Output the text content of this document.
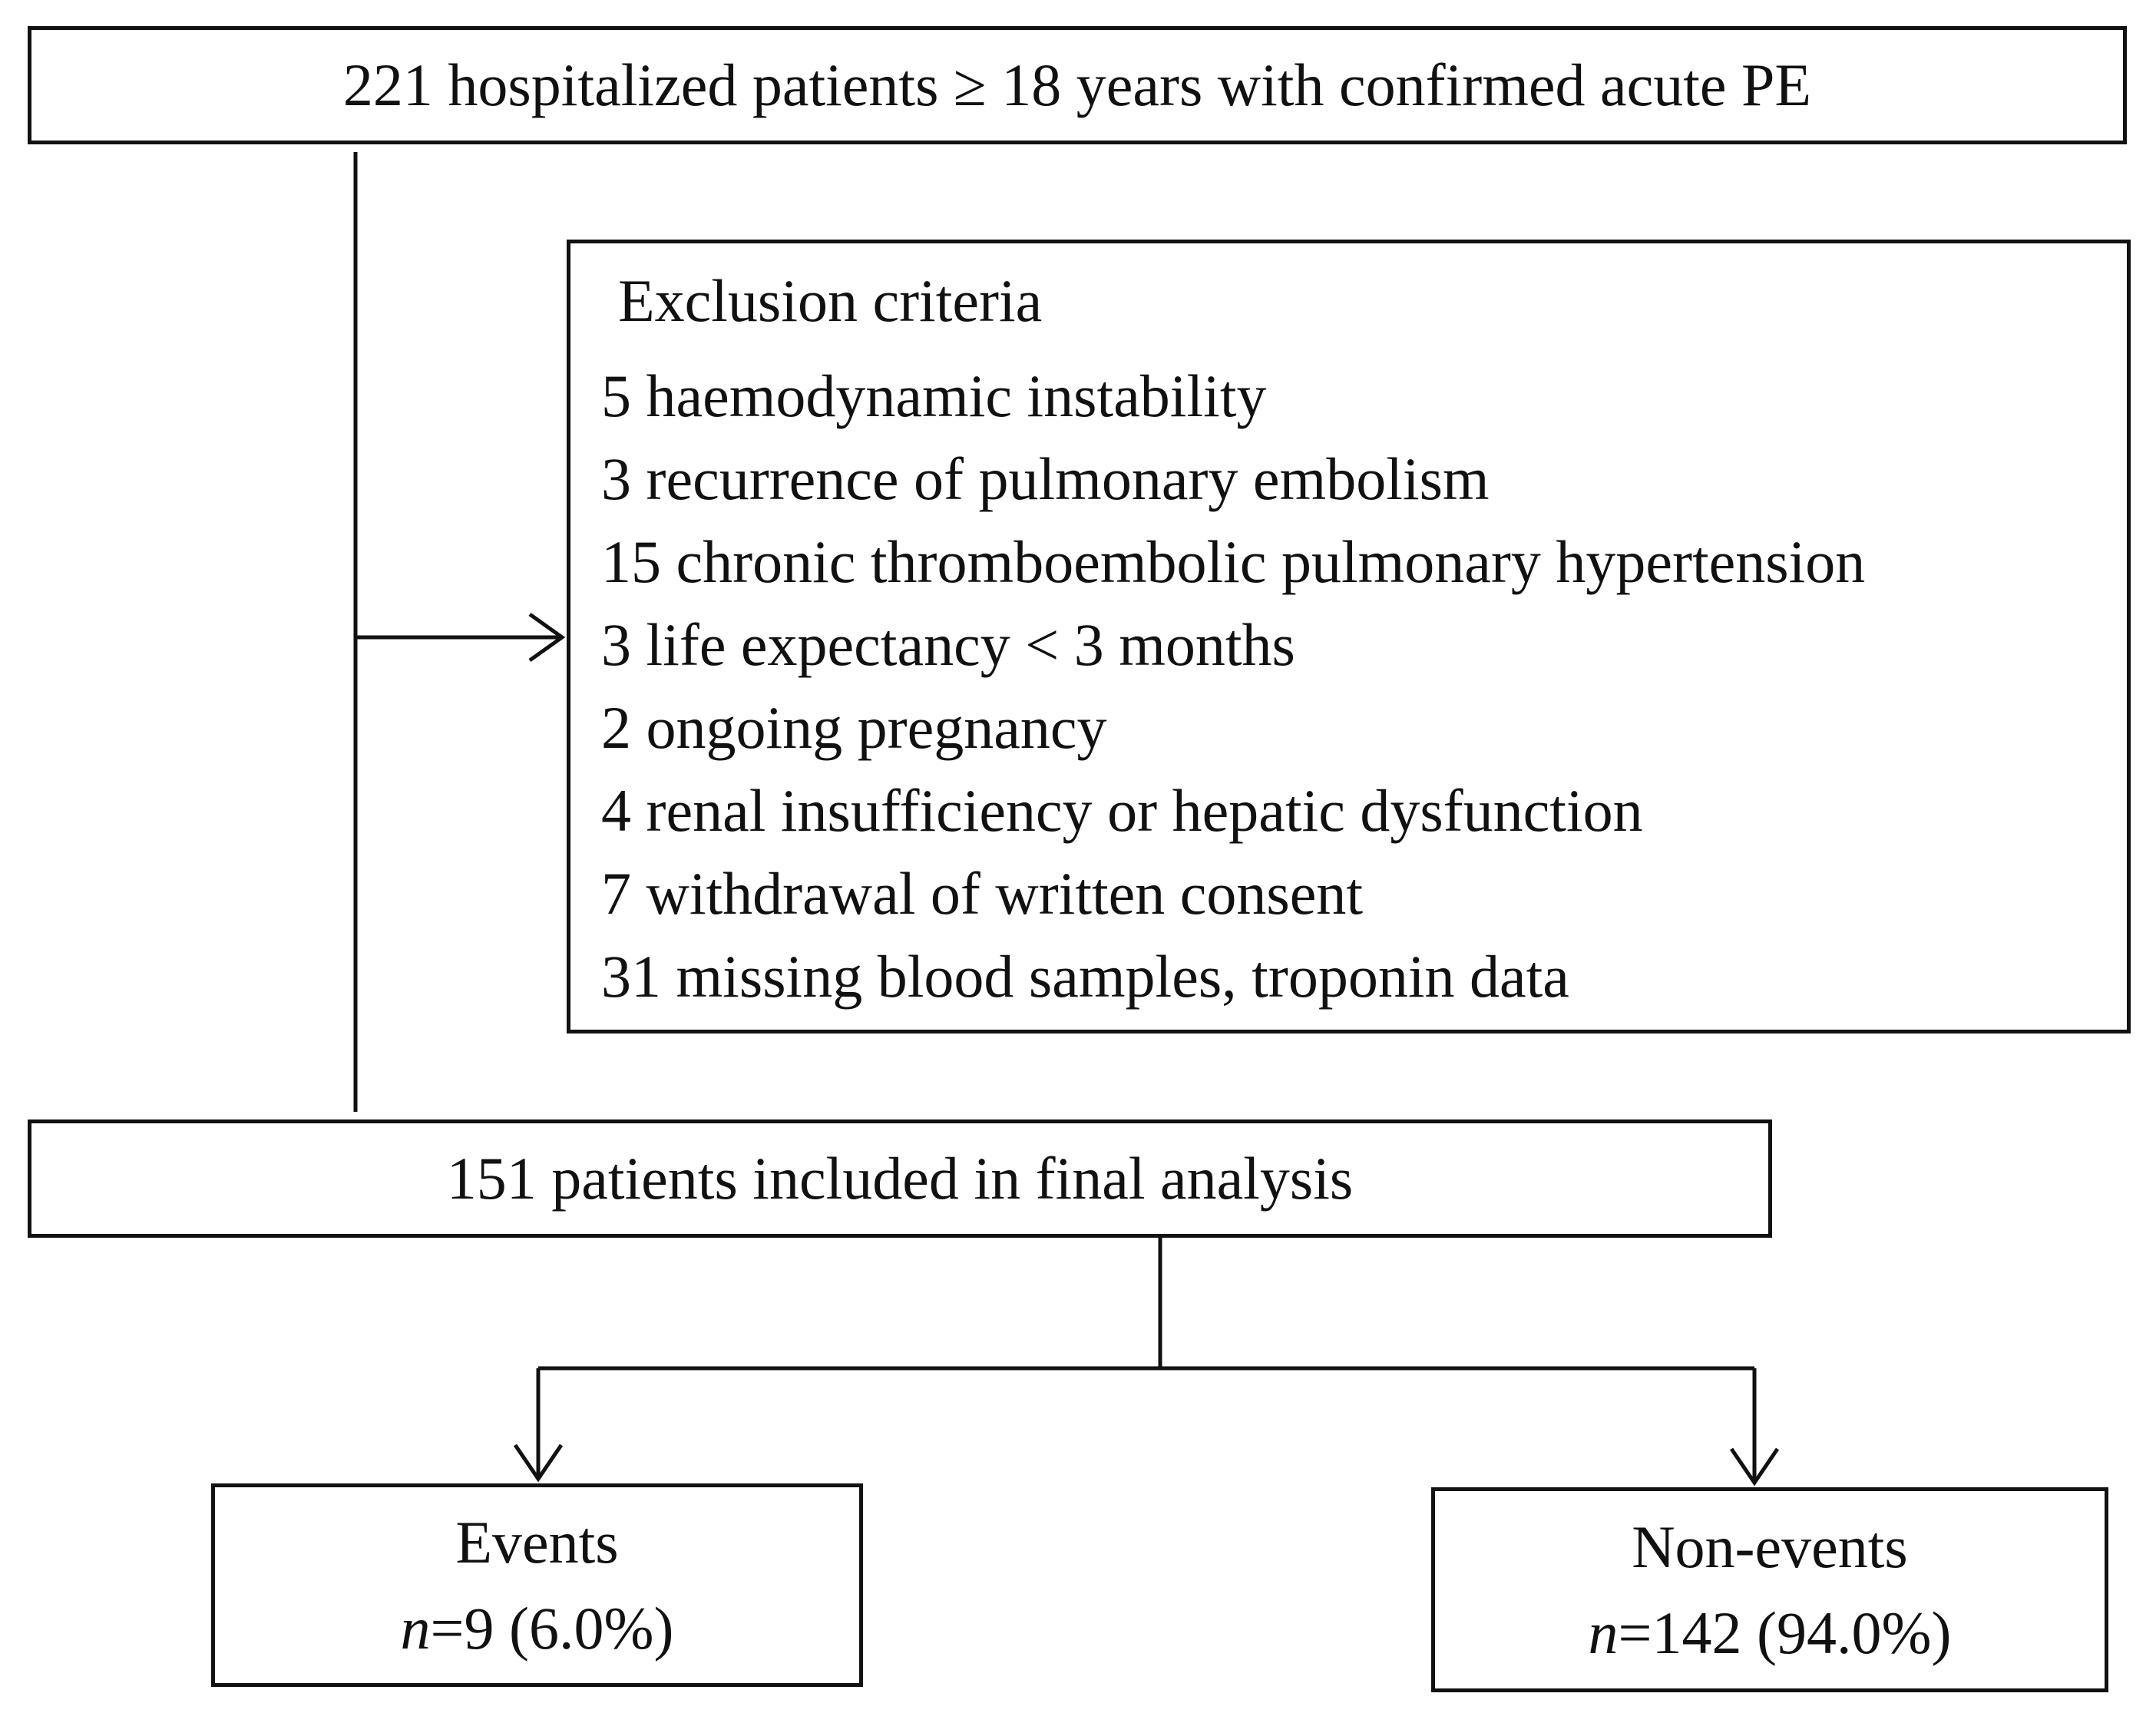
221 hospitalized patients ≥ 18 years with confirmed acute PE
Exclusion criteria
5 haemodynamic instability
3 recurrence of pulmonary embolism
15 chronic thromboembolic pulmonary hypertension
3 life expectancy < 3 months
2 ongoing pregnancy
4 renal insufficiency or hepatic dysfunction
7 withdrawal of written consent
31 missing blood samples, troponin data
151 patients included in final analysis
Events
n=9 (6.0%)
Non-events
n=142 (94.0%)
